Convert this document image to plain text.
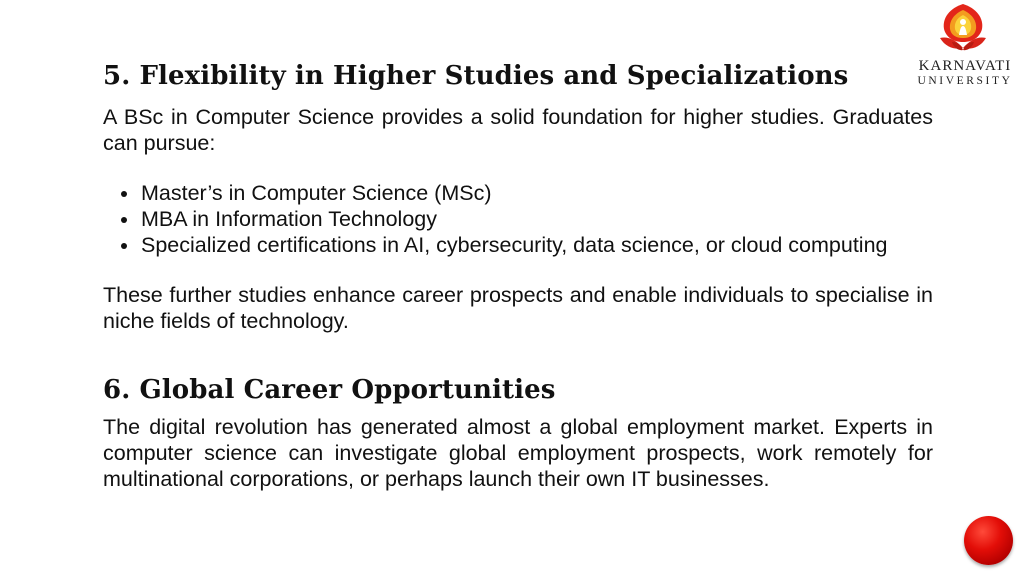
KARNAVATI
UNIVERSITY
5. Flexibility in Higher Studies and Specializations

A BSc in Computer Science provides a solid foundation for higher studies. Graduates can pursue:

Master’s in Computer Science (MSc)
MBA in Information Technology
Specialized certifications in AI, cybersecurity, data science, or cloud computing

These further studies enhance career prospects and enable individuals to specialise in niche fields of technology.

6. Global Career Opportunities

The digital revolution has generated almost a global employment market. Experts in computer science can investigate global employment prospects, work remotely for multinational corporations, or perhaps launch their own IT businesses.
